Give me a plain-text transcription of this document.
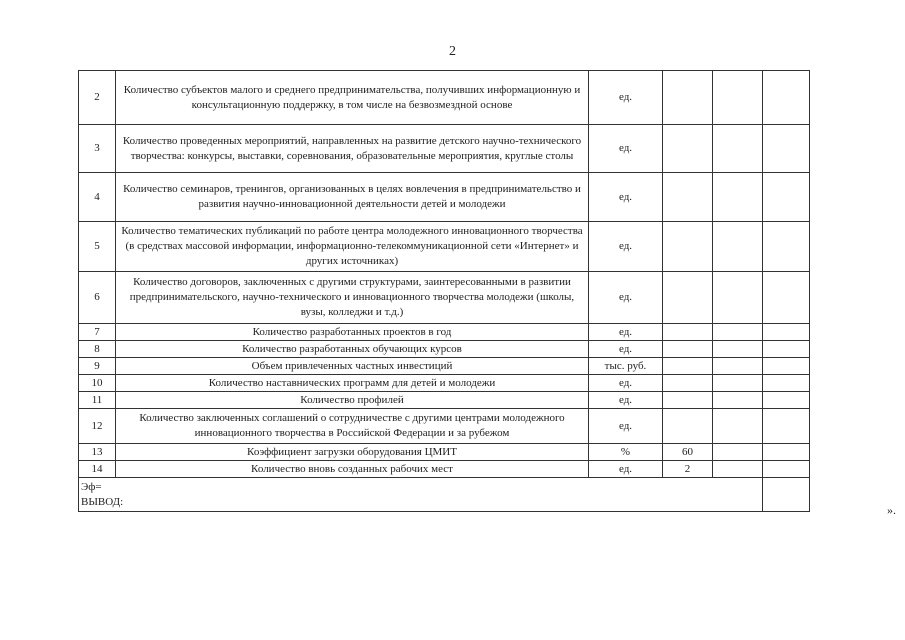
2
2	Количество субъектов малого и среднего предпринимательства, получивших информационную и консультационную поддержку, в том числе на безвозмездной основе	ед.			
3	Количество проведенных мероприятий, направленных на развитие детского научно-технического творчества: конкурсы, выставки, соревнования, образовательные мероприятия, круглые столы	ед.			
4	Количество семинаров, тренингов, организованных в целях вовлечения в предпринимательство и развития научно-инновационной деятельности детей и молодежи	ед.			
5	Количество тематических публикаций по работе центра молодежного инновационного творчества (в средствах массовой информации, информационно-телекоммуникационной сети «Интернет» и других источниках)	ед.			
6	Количество договоров, заключенных с другими структурами, заинтересованными в развитии предпринимательского, научно-технического и инновационного творчества молодежи (школы, вузы, колледжи и т.д.)	ед.			
7	Количество разработанных проектов в год	ед.			
8	Количество разработанных обучающих курсов	ед.			
9	Объем привлеченных частных инвестиций	тыс. руб.			
10	Количество наставнических программ для детей и молодежи	ед.			
11	Количество профилей	ед.			
12	Количество заключенных соглашений о сотрудничестве с другими центрами молодежного инновационного творчества в Российской Федерации и за рубежом	ед.			
13	Коэффициент загрузки оборудования ЦМИТ	%	60		
14	Количество вновь созданных рабочих мест	ед.	2		

Эф=
ВЫВОД:					

».
